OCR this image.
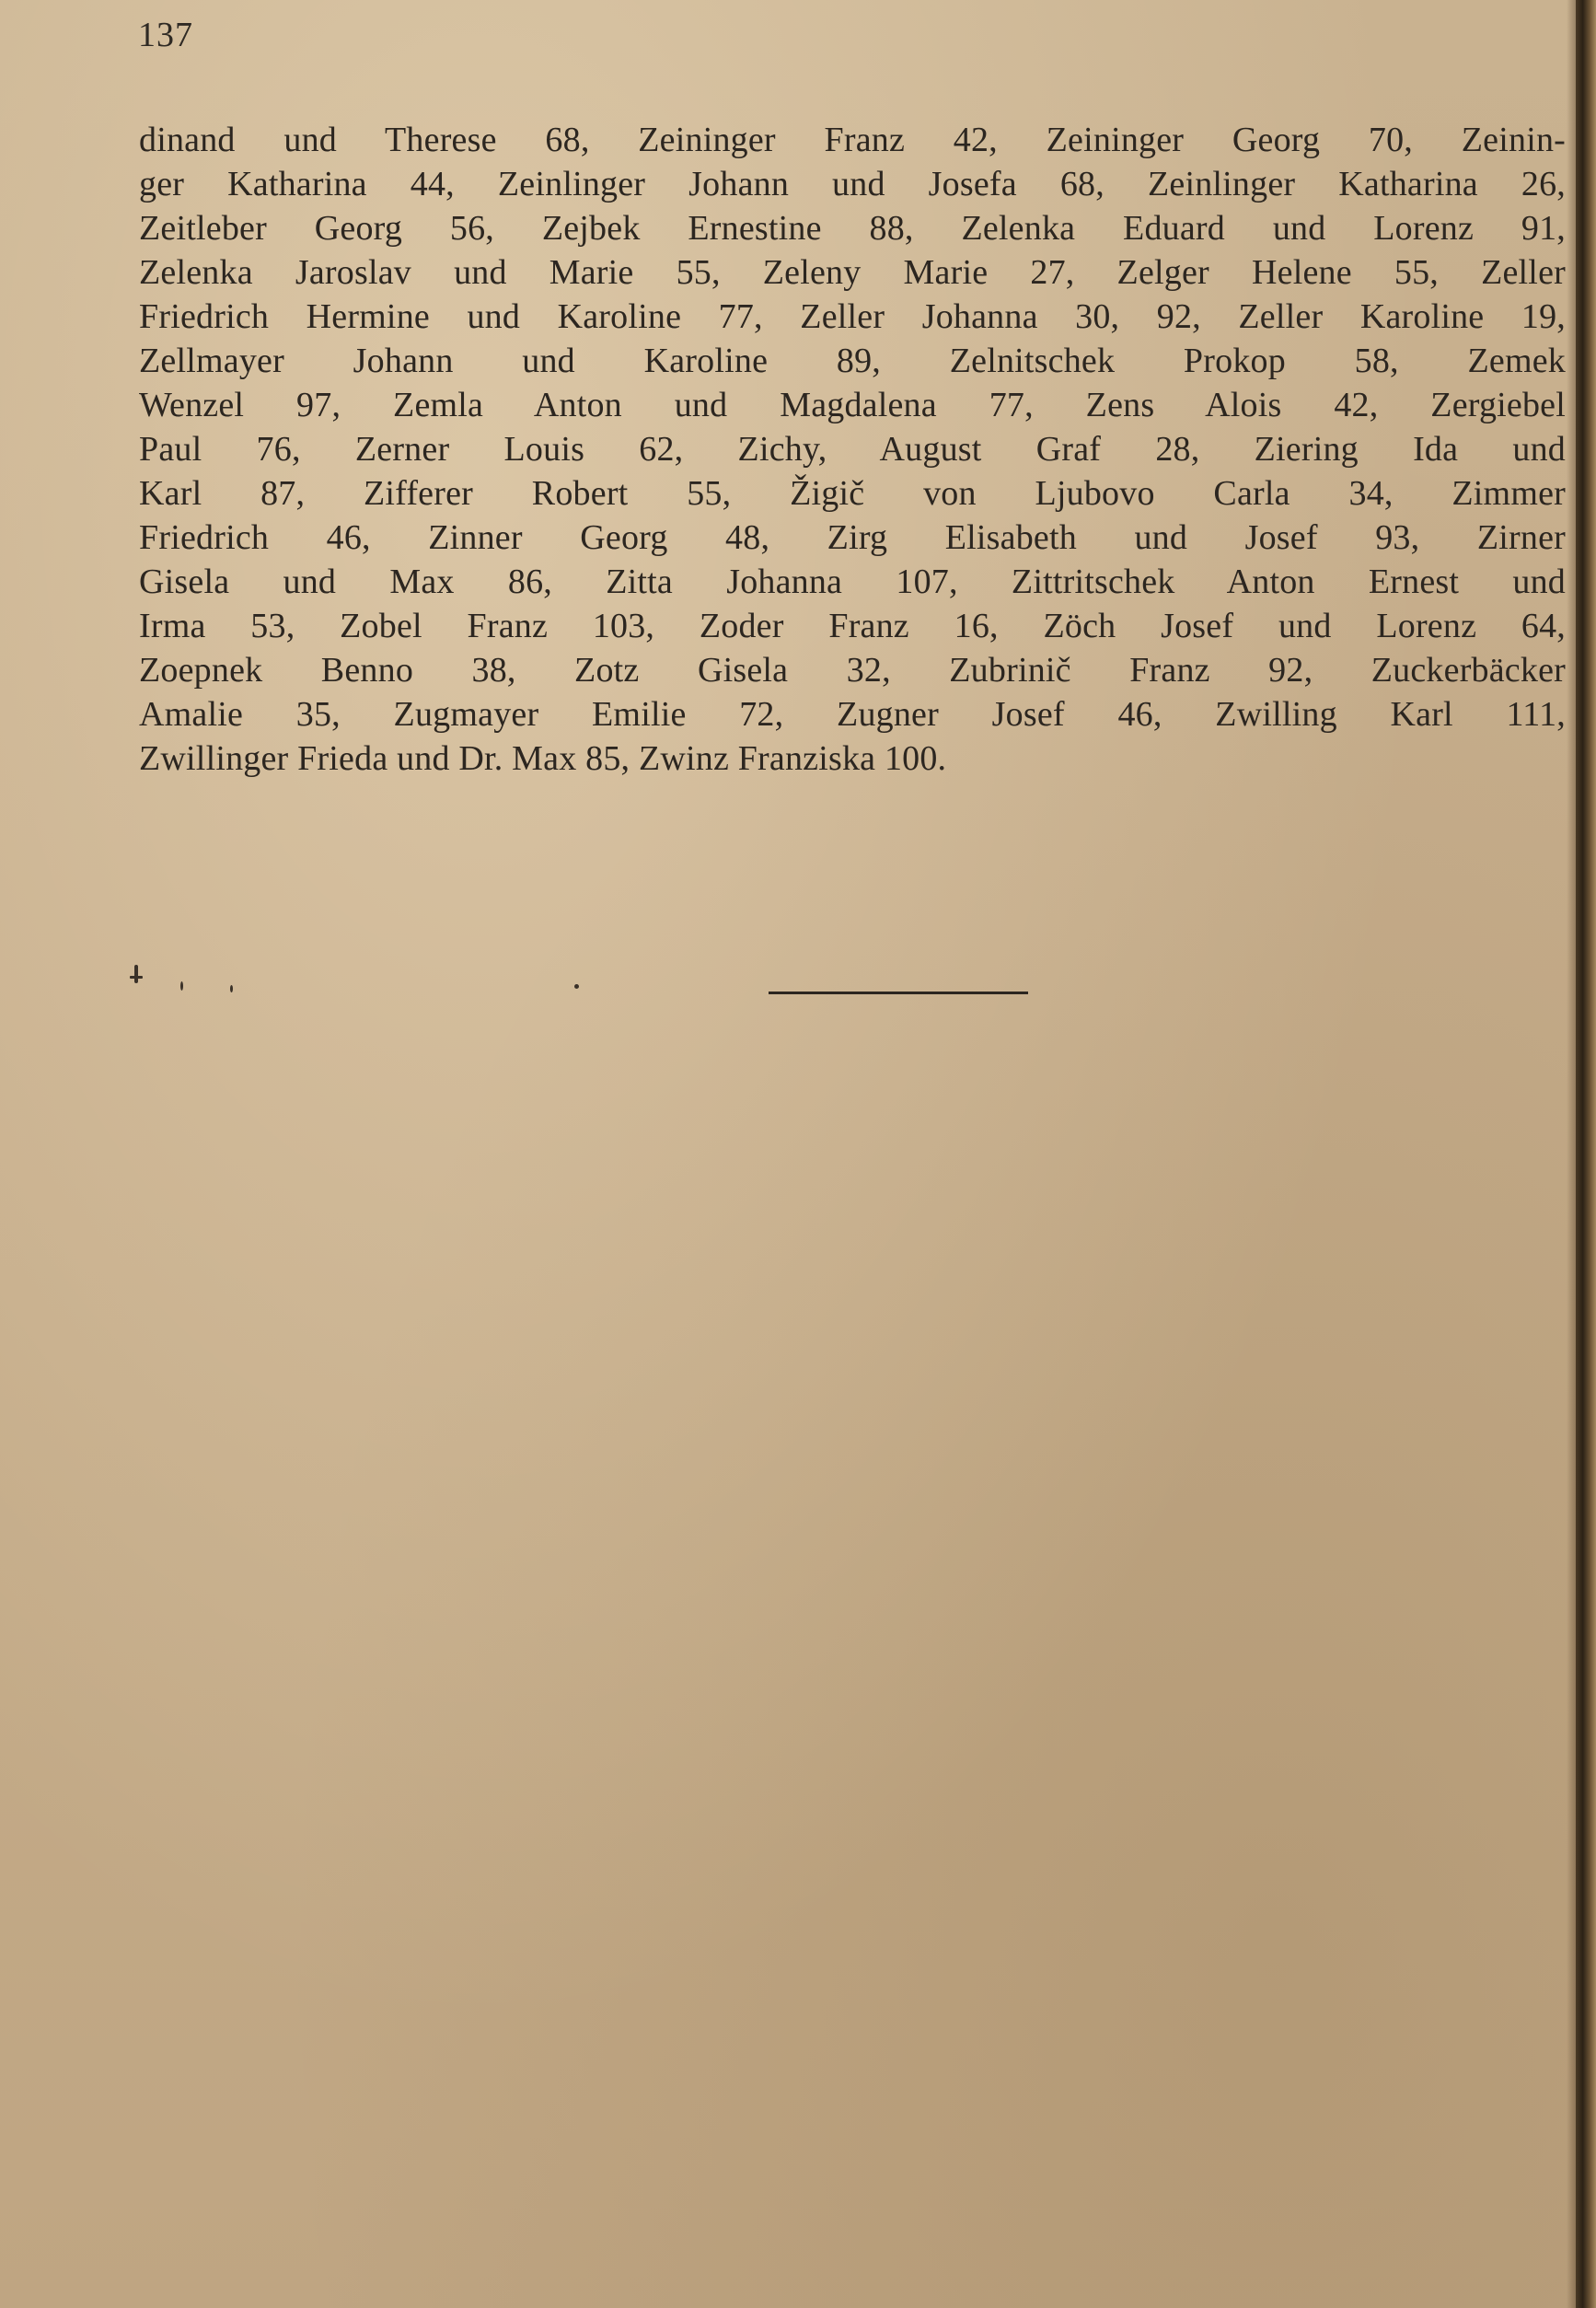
137
dinand und Therese 68, Zeininger Franz 42, Zeininger Georg 70, Zeinin-
ger Katharina 44, Zeinlinger Johann und Josefa 68, Zeinlinger Katharina 26,
Zeitleber Georg 56, Zejbek Ernestine 88, Zelenka Eduard und Lorenz 91,
Zelenka Jaroslav und Marie 55, Zeleny Marie 27, Zelger Helene 55, Zeller
Friedrich Hermine und Karoline 77, Zeller Johanna 30, 92, Zeller Karoline 19,
Zellmayer Johann und Karoline 89, Zelnitschek Prokop 58, Zemek
Wenzel 97, Zemla Anton und Magdalena 77, Zens Alois 42, Zergiebel
Paul 76, Zerner Louis 62, Zichy, August Graf 28, Ziering Ida und
Karl 87, Zifferer Robert 55, Žigič von Ljubovo Carla 34, Zimmer
Friedrich 46, Zinner Georg 48, Zirg Elisabeth und Josef 93, Zirner
Gisela und Max 86, Zitta Johanna 107, Zittritschek Anton Ernest und
Irma 53, Zobel Franz 103, Zoder Franz 16, Zöch Josef und Lorenz 64,
Zoepnek Benno 38, Zotz Gisela 32, Zubrinič Franz 92, Zuckerbäcker
Amalie 35, Zugmayer Emilie 72, Zugner Josef 46, Zwilling Karl 111,
Zwillinger Frieda und Dr. Max 85, Zwinz Franziska 100.
